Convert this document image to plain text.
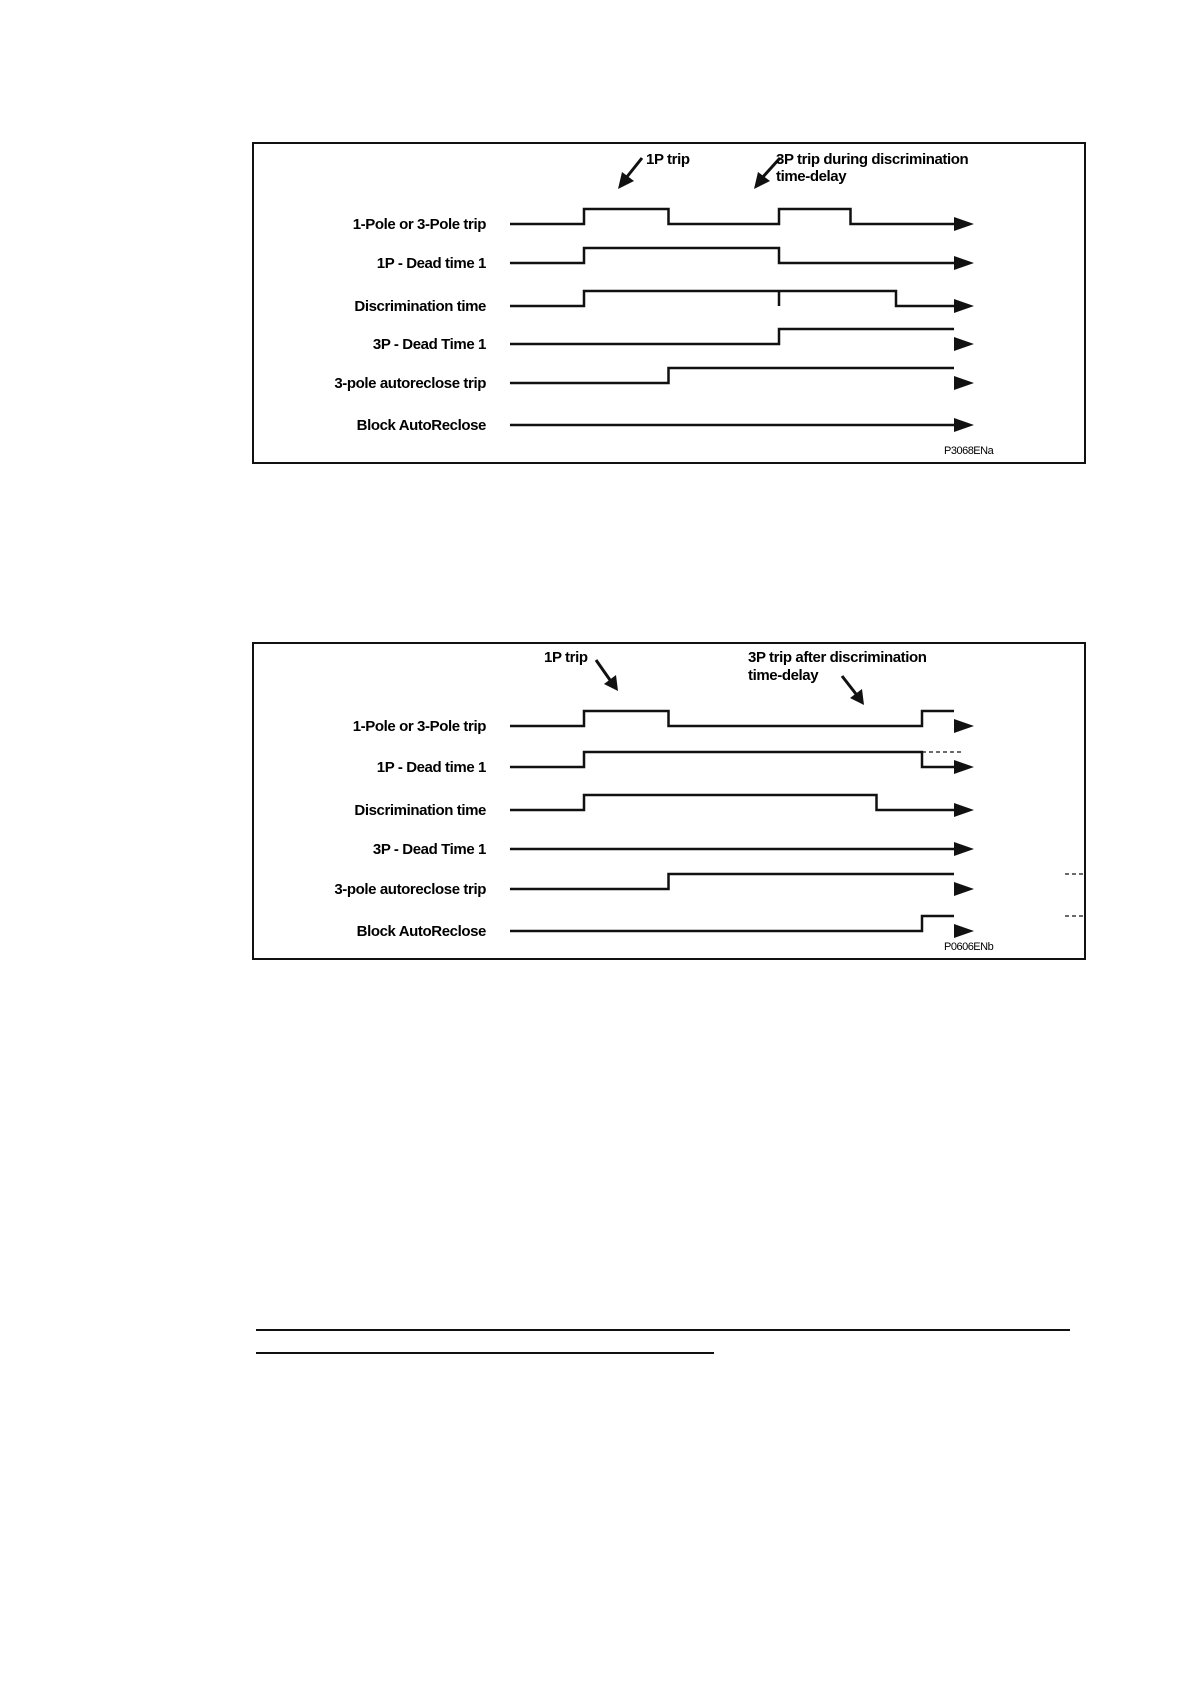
1P trip	3P trip during discrimination
time-delay
1-Pole or 3-Pole trip
1P - Dead time 1
Discrimination time
3P - Dead Time 1
3-pole autoreclose trip
Block AutoReclose
P3068ENa
1P trip	3P trip after discrimination
time-delay
1-Pole or 3-Pole trip
1P - Dead time 1
Discrimination time
3P - Dead Time 1
3-pole autoreclose trip
Block AutoReclose
P0606ENb
